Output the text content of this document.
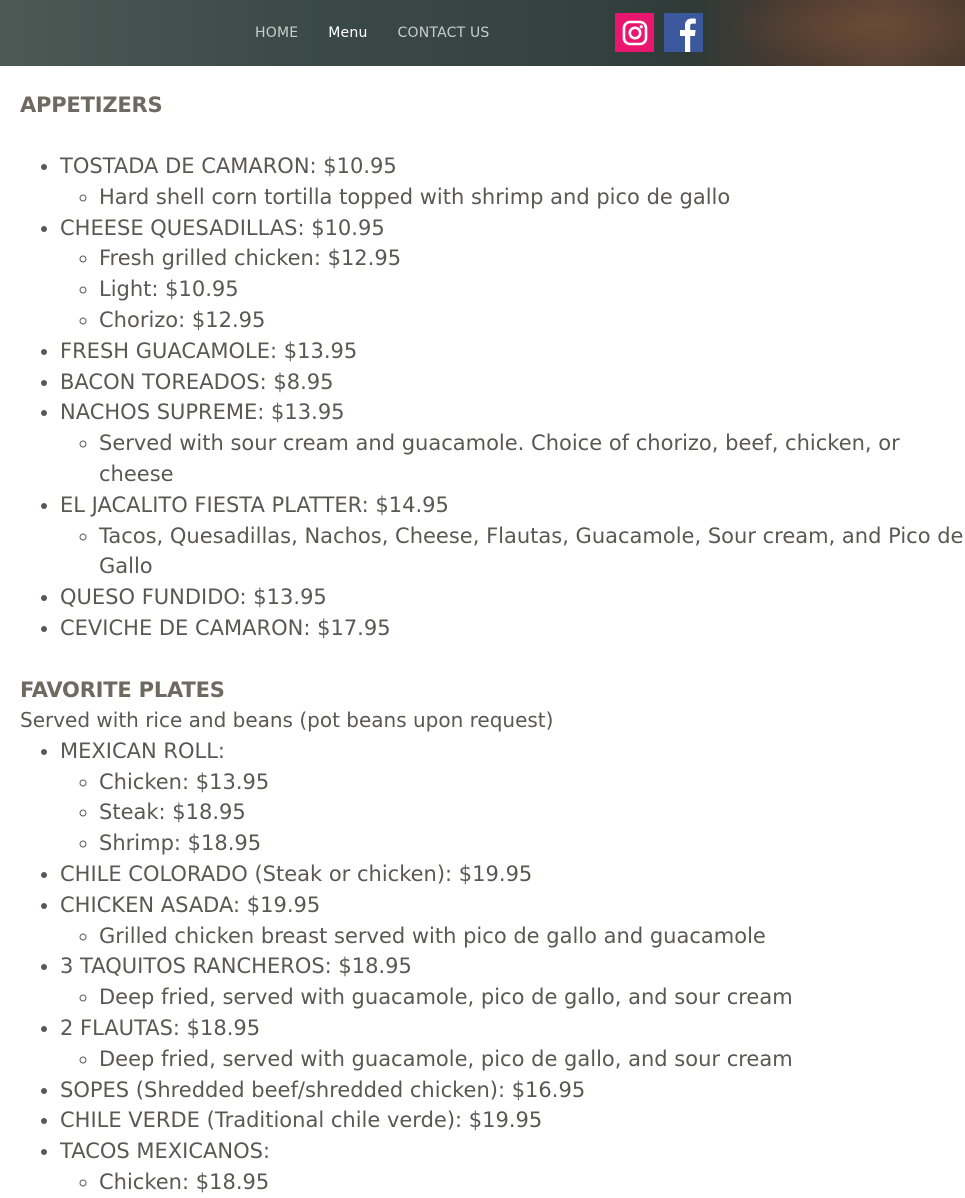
HOME Menu CONTACT US
APPETIZERS
• TOSTADA DE CAMARON: $10.95
◦ Hard shell corn tortilla topped with shrimp and pico de gallo
• CHEESE QUESADILLAS: $10.95
◦ Fresh grilled chicken: $12.95
◦ Light: $10.95
◦ Chorizo: $12.95
• FRESH GUACAMOLE: $13.95
• BACON TOREADOS: $8.95
• NACHOS SUPREME: $13.95
◦ Served with sour cream and guacamole. Choice of chorizo, beef, chicken, or cheese
• EL JACALITO FIESTA PLATTER: $14.95
◦ Tacos, Quesadillas, Nachos, Cheese, Flautas, Guacamole, Sour cream, and Pico de Gallo
• QUESO FUNDIDO: $13.95
• CEVICHE DE CAMARON: $17.95
FAVORITE PLATES

Served with rice and beans (pot beans upon request)

• MEXICAN ROLL:
◦ Chicken: $13.95
◦ Steak: $18.95
◦ Shrimp: $18.95
• CHILE COLORADO (Steak or chicken): $19.95
• CHICKEN ASADA: $19.95
◦ Grilled chicken breast served with pico de gallo and guacamole
• 3 TAQUITOS RANCHEROS: $18.95
◦ Deep fried, served with guacamole, pico de gallo, and sour cream
• 2 FLAUTAS: $18.95
◦ Deep fried, served with guacamole, pico de gallo, and sour cream
• SOPES (Shredded beef/shredded chicken): $16.95
• CHILE VERDE (Traditional chile verde): $19.95
• TACOS MEXICANOS:
◦ Chicken: $18.95
